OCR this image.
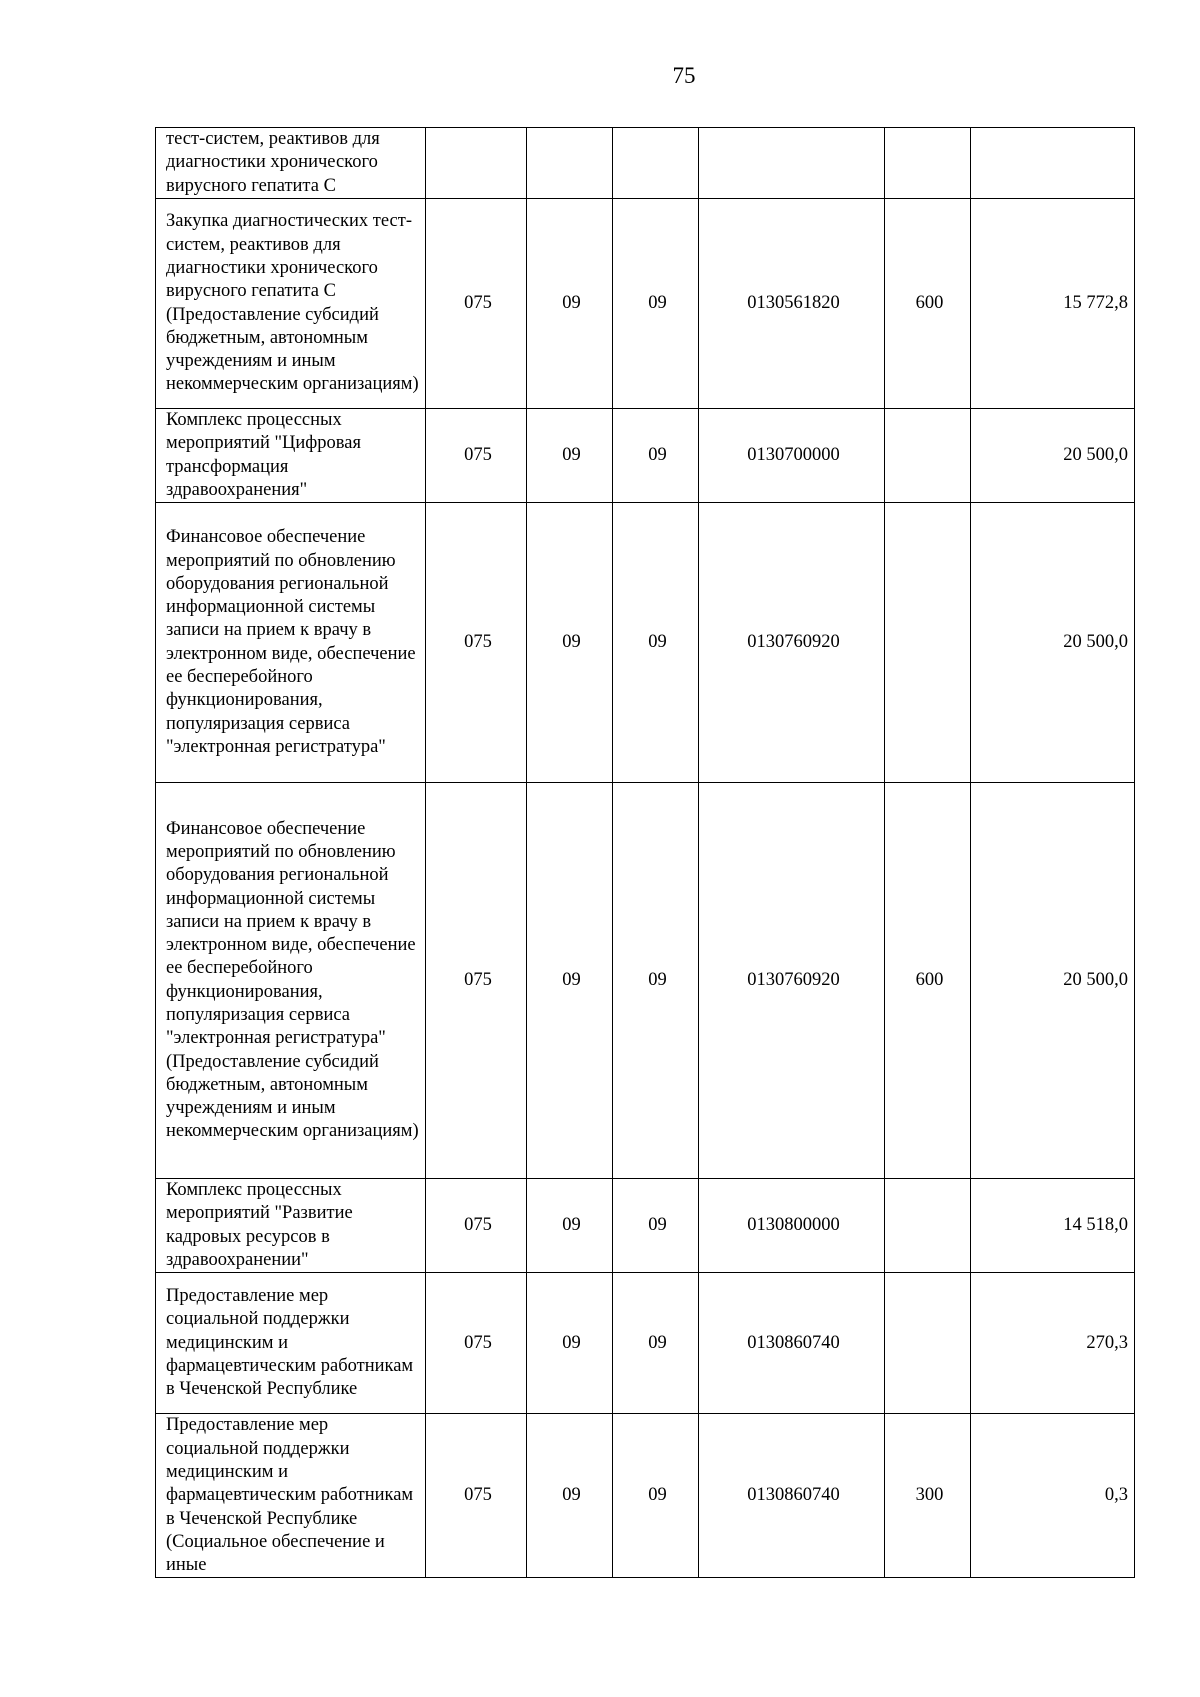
75
тест-систем, реактивов для диагностики хронического вирусного гепатита С						
Закупка диагностических тест-систем, реактивов для диагностики хронического вирусного гепатита С (Предоставление субсидий бюджетным, автономным учреждениям и иным некоммерческим организациям)	075	09	09	0130561820	600	15 772,8
Комплекс процессных мероприятий "Цифровая трансформация здравоохранения"	075	09	09	0130700000		20 500,0
Финансовое обеспечение мероприятий по обновлению оборудования региональной информационной системы записи на прием к врачу в электронном виде, обеспечение ее бесперебойного функционирования, популяризация сервиса "электронная регистратура"	075	09	09	0130760920		20 500,0
Финансовое обеспечение мероприятий по обновлению оборудования региональной информационной системы записи на прием к врачу в электронном виде, обеспечение ее бесперебойного функционирования, популяризация сервиса "электронная регистратура" (Предоставление субсидий бюджетным, автономным учреждениям и иным некоммерческим организациям)	075	09	09	0130760920	600	20 500,0
Комплекс процессных мероприятий "Развитие кадровых ресурсов в здравоохранении"	075	09	09	0130800000		14 518,0
Предоставление мер социальной поддержки медицинским и фармацевтическим работникам в Чеченской Республике	075	09	09	0130860740		270,3
Предоставление мер социальной поддержки медицинским и фармацевтическим работникам в Чеченской Республике (Социальное обеспечение и иные	075	09	09	0130860740	300	0,3
